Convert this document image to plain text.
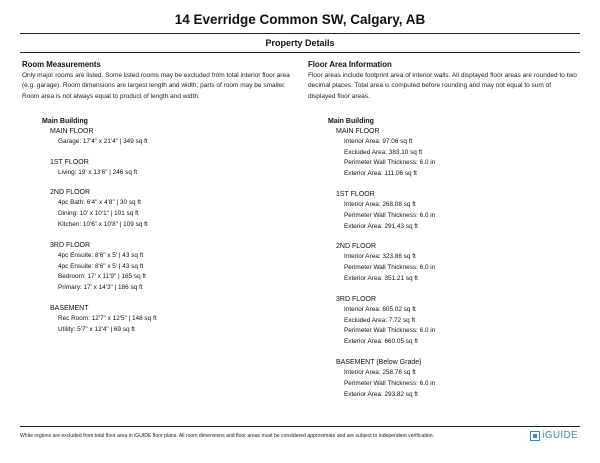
14 Everridge Common SW, Calgary, AB
Property Details
Room Measurements
Only major rooms are listed. Some listed rooms may be excluded from total interior floor area (e.g. garage). Room dimensions are largest length and width; parts of room may be smaller. Room area is not always equal to product of length and width.
Main Building
MAIN FLOOR
Garage: 17'4" x 21'4" | 349 sq ft
1ST FLOOR
Living: 19' x 13'6" | 246 sq ft
2ND FLOOR
4pc Bath: 6'4" x 4'8" | 30 sq ft
Dining: 10' x 10'1" | 101 sq ft
Kitchen: 10'6" x 10'8" | 109 sq ft
3RD FLOOR
4pc Ensuite: 8'6" x 5' | 43 sq ft
4pc Ensuite: 8'6" x 5' | 43 sq ft
Bedroom: 17' x 11'9" | 165 sq ft
Primary: 17' x 14'3" | 186 sq ft
BASEMENT
Rec Room: 12'7" x 12'5" | 148 sq ft
Utility: 5'7" x 12'4" | 69 sq ft
Floor Area Information
Floor areas include footprint area of interior walls. All displayed floor areas are rounded to two decimal places. Total area is computed before rounding and may not equal to sum of displayed floor areas.
Main Building
MAIN FLOOR
Interior Area: 97.06 sq ft
Excluded Area: 383.10 sq ft
Perimeter Wall Thickness: 6.0 in
Exterior Area: 111.06 sq ft
1ST FLOOR
Interior Area: 268.08 sq ft
Perimeter Wall Thickness: 6.0 in
Exterior Area: 291.43 sq ft
2ND FLOOR
Interior Area: 323.86 sq ft
Perimeter Wall Thickness: 6.0 in
Exterior Area: 351.21 sq ft
3RD FLOOR
Interior Area: 605.02 sq ft
Excluded Area: 7.72 sq ft
Perimeter Wall Thickness: 6.0 in
Exterior Area: 660.05 sq ft
BASEMENT (Below Grade)
Interior Area: 258.76 sq ft
Perimeter Wall Thickness: 6.0 in
Exterior Area: 293.82 sq ft
White regions are excluded from total floor area in iGUIDE floor plans. All room dimensions and floor areas must be considered approximate and are subject to independent verification.	iGUIDE
